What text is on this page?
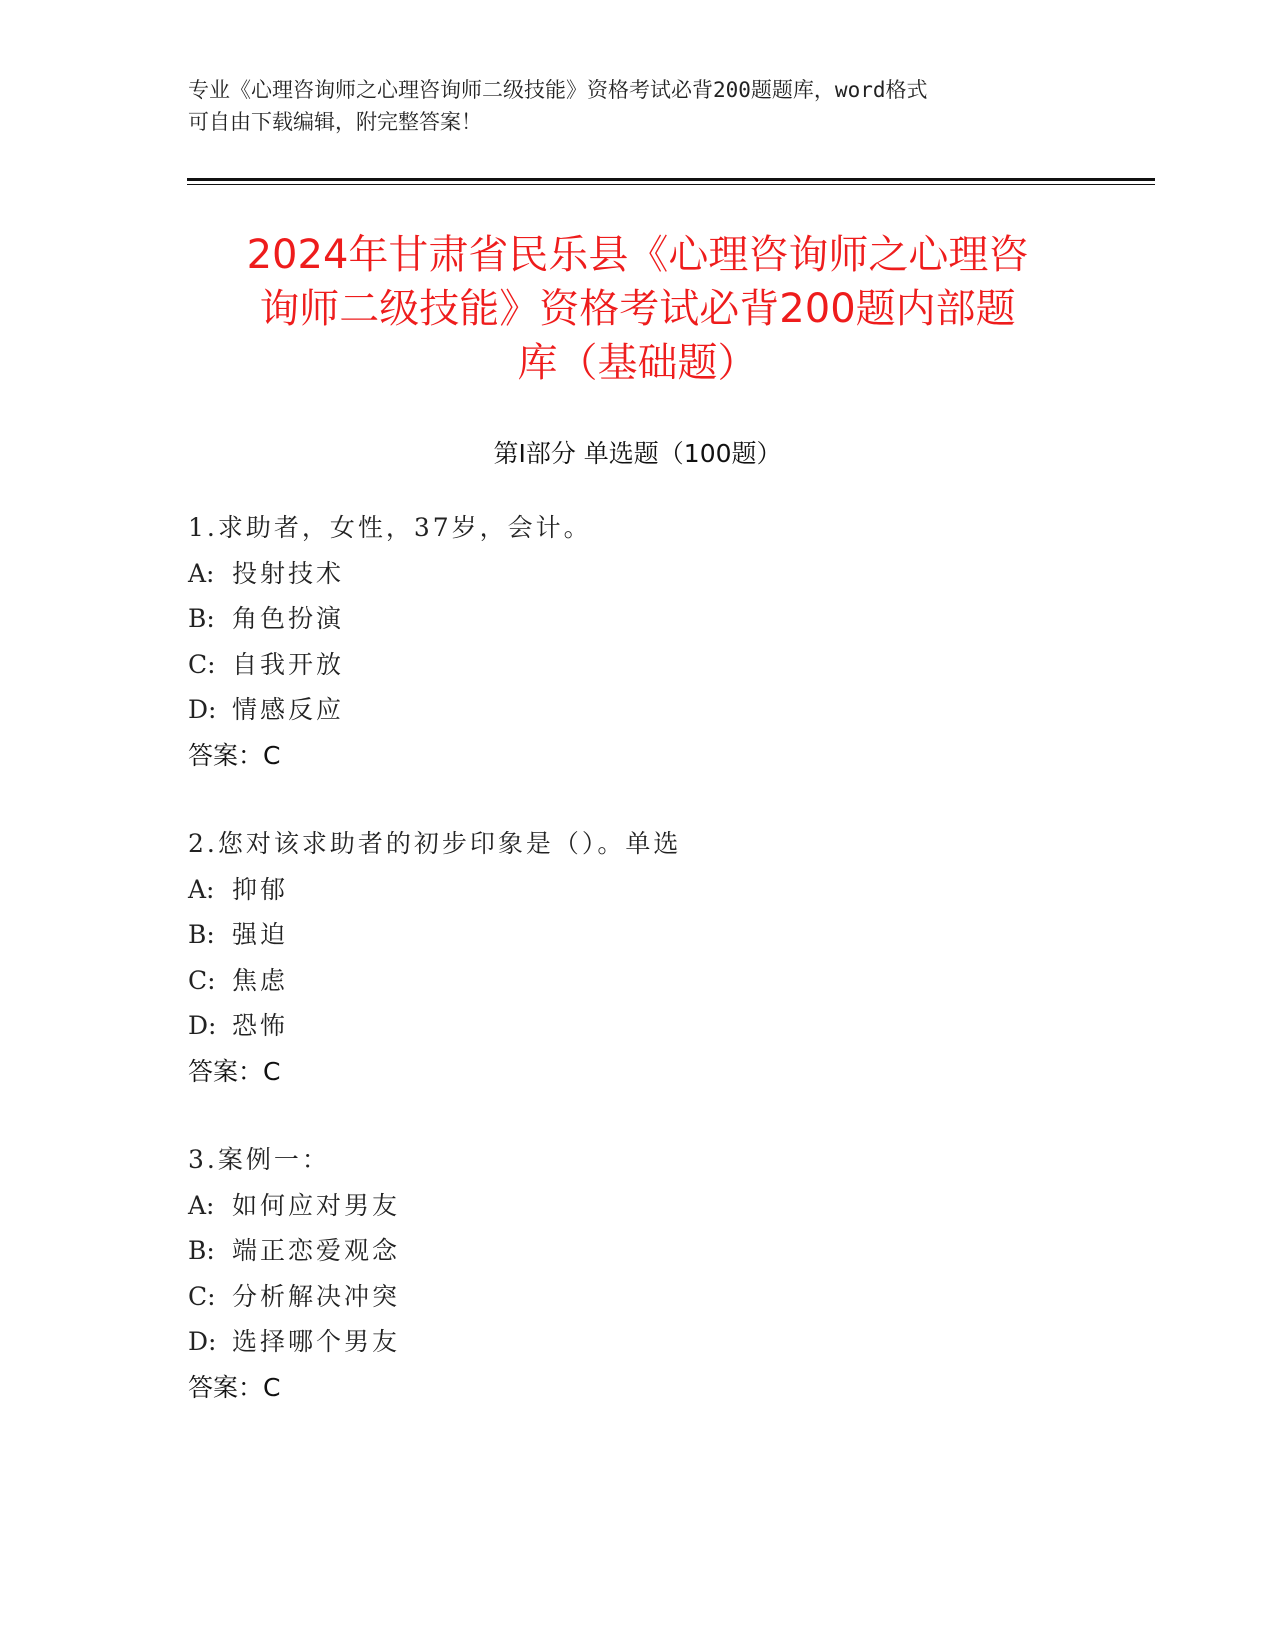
专业《心理咨询师之心理咨询师二级技能》资格考试必背200题题库，word格式
可自由下载编辑，附完整答案！
2024年甘肃省民乐县《心理咨询师之心理咨
询师二级技能》资格考试必背200题内部题
库（基础题）
第I部分 单选题（100题）
1.求助者，女性，37岁，会计。
A: 投射技术
B: 角色扮演
C: 自我开放
D: 情感反应
答案：C
2.您对该求助者的初步印象是（）。单选
A: 抑郁
B: 强迫
C: 焦虑
D: 恐怖
答案：C
3.案例一：
A: 如何应对男友
B: 端正恋爱观念
C: 分析解决冲突
D: 选择哪个男友
答案：C
